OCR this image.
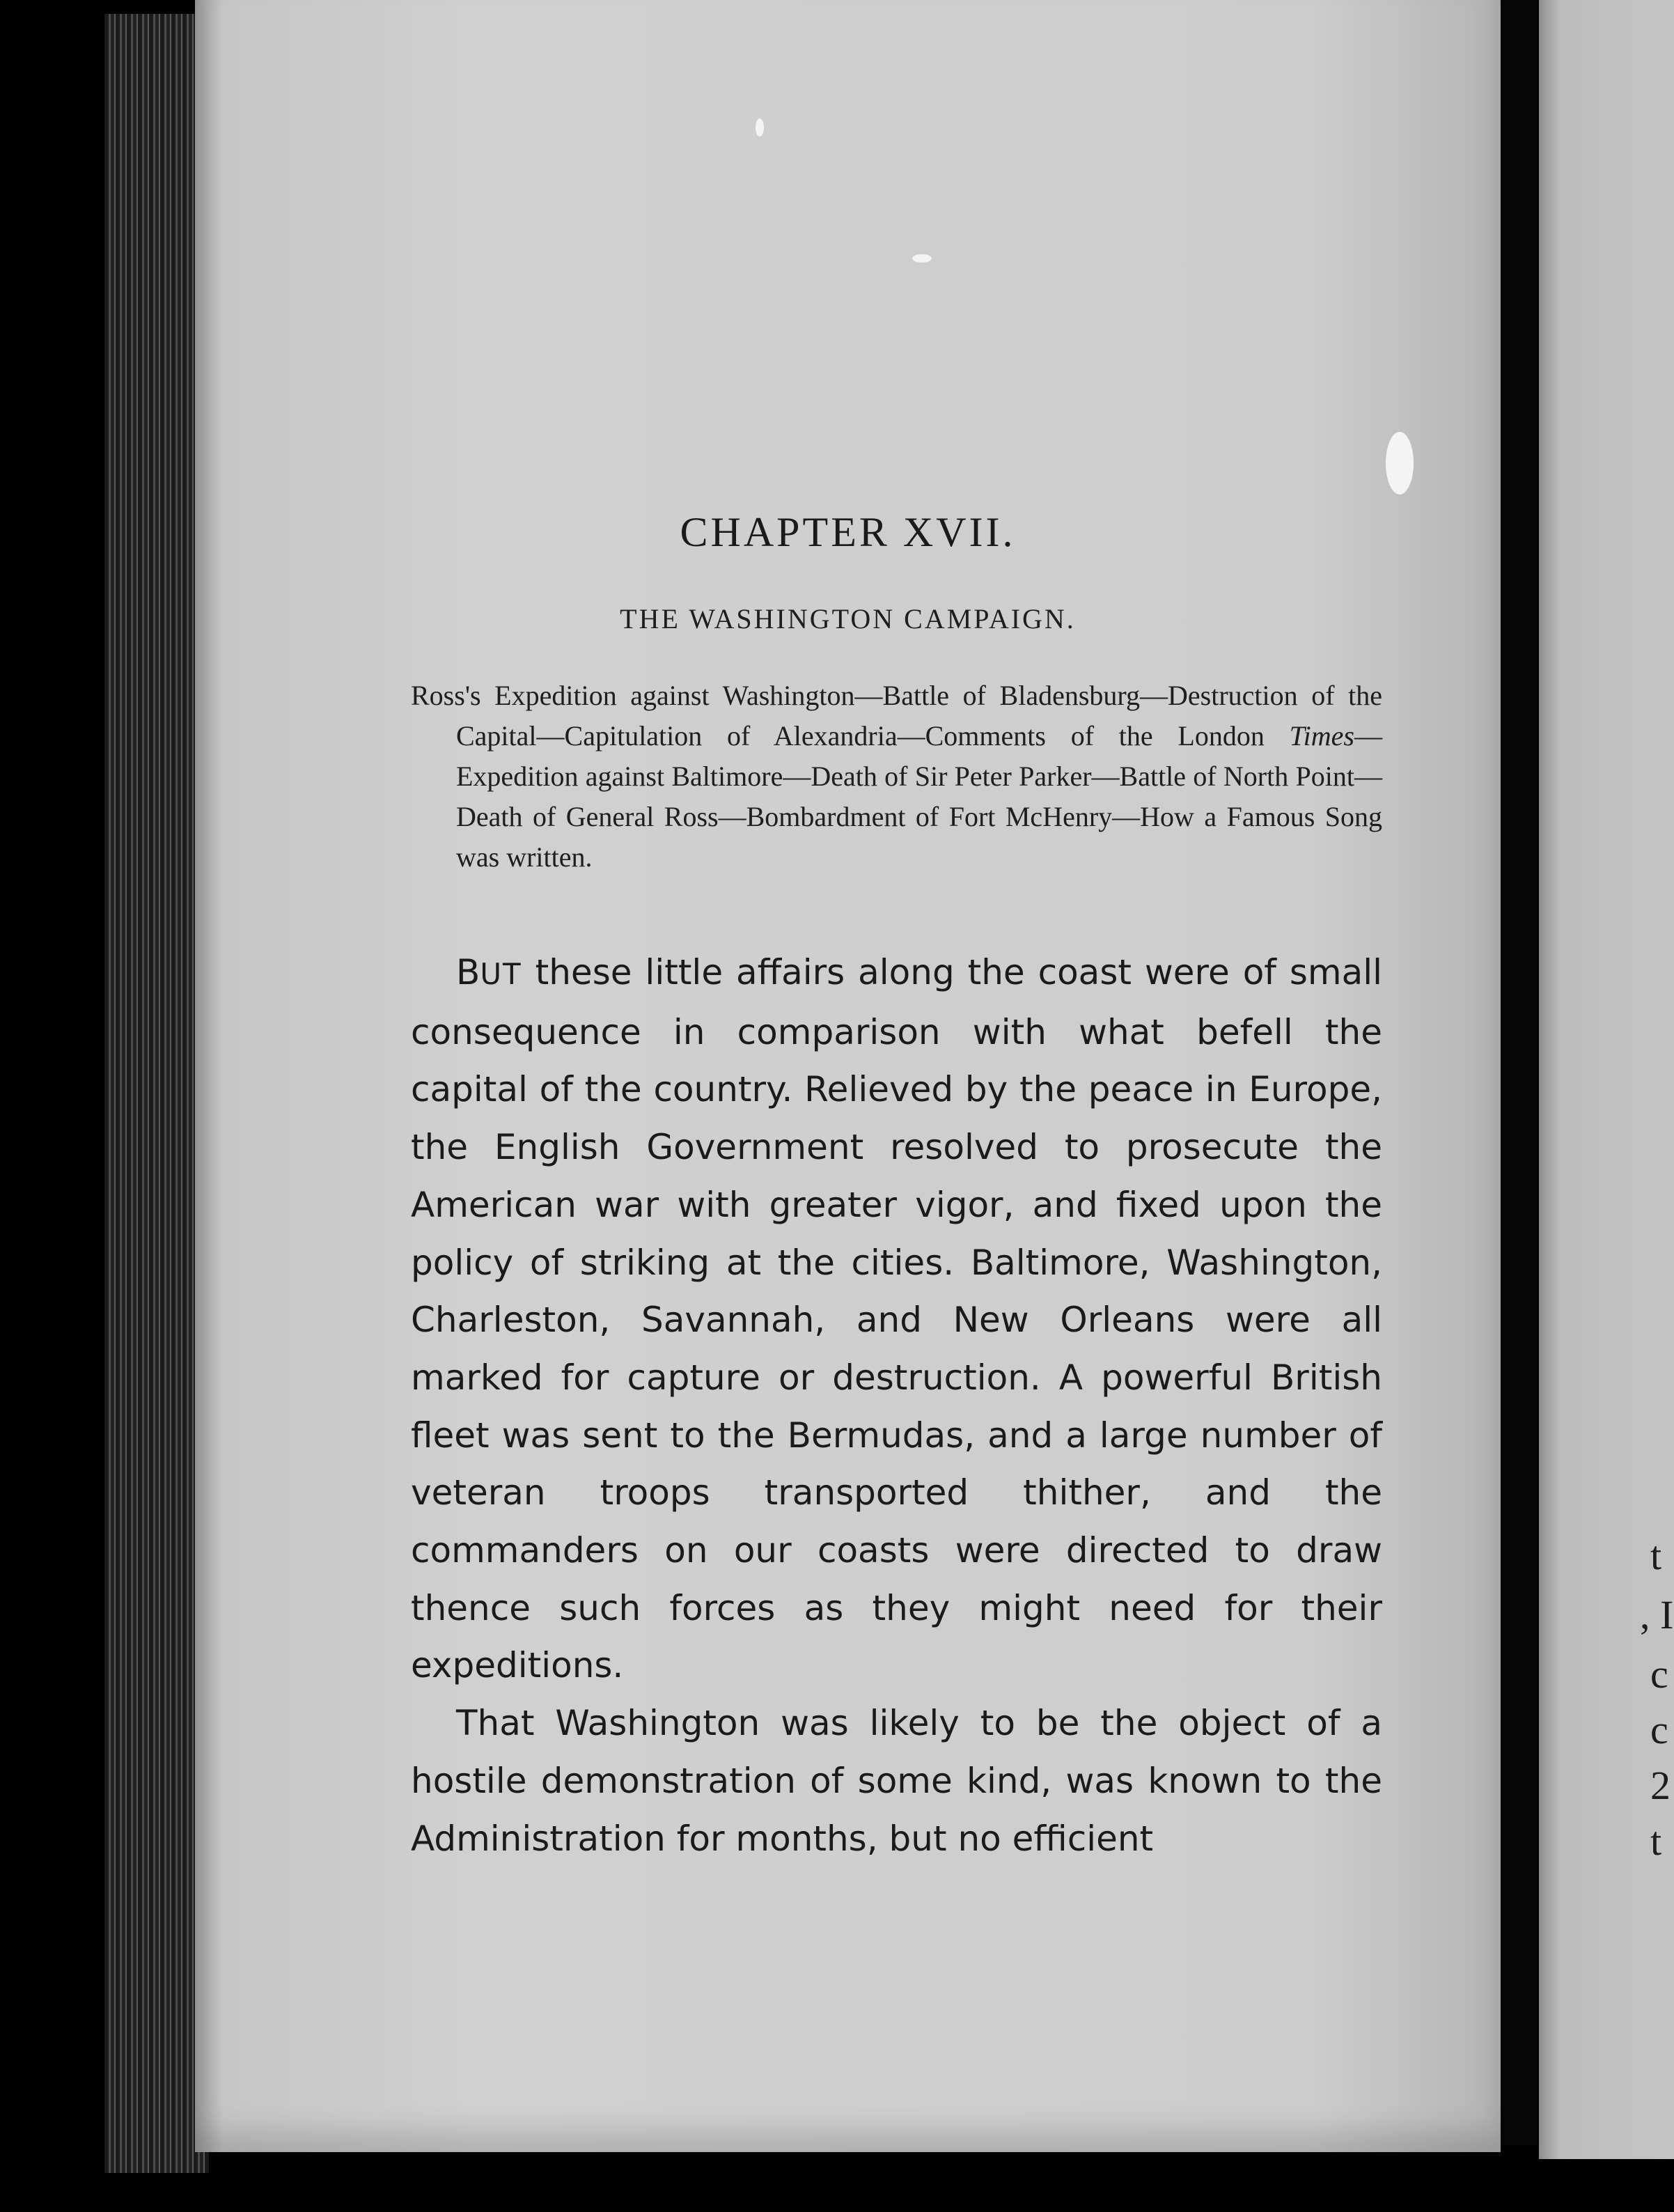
t
, I
c
c
2
t
CHAPTER XVII.
THE WASHINGTON CAMPAIGN.
Ross's Expedition against Washington—Battle of Bladensburg—Destruction of the Capital—Capitulation of Alexandria—Comments of the London Times—Expedition against Baltimore—Death of Sir Peter Parker—Battle of North Point—Death of General Ross—Bombardment of Fort McHenry—How a Famous Song was written.

BUT these little affairs along the coast were of small consequence in comparison with what befell the capital of the country. Relieved by the peace in Europe, the English Government resolved to prosecute the American war with greater vigor, and fixed upon the policy of striking at the cities. Baltimore, Washington, Charleston, Savannah, and New Orleans were all marked for capture or destruction. A powerful British fleet was sent to the Bermudas, and a large number of veteran troops transported thither, and the commanders on our coasts were directed to draw thence such forces as they might need for their expeditions.

That Washington was likely to be the object of a hostile demonstration of some kind, was known to the Administration for months, but no efficient
